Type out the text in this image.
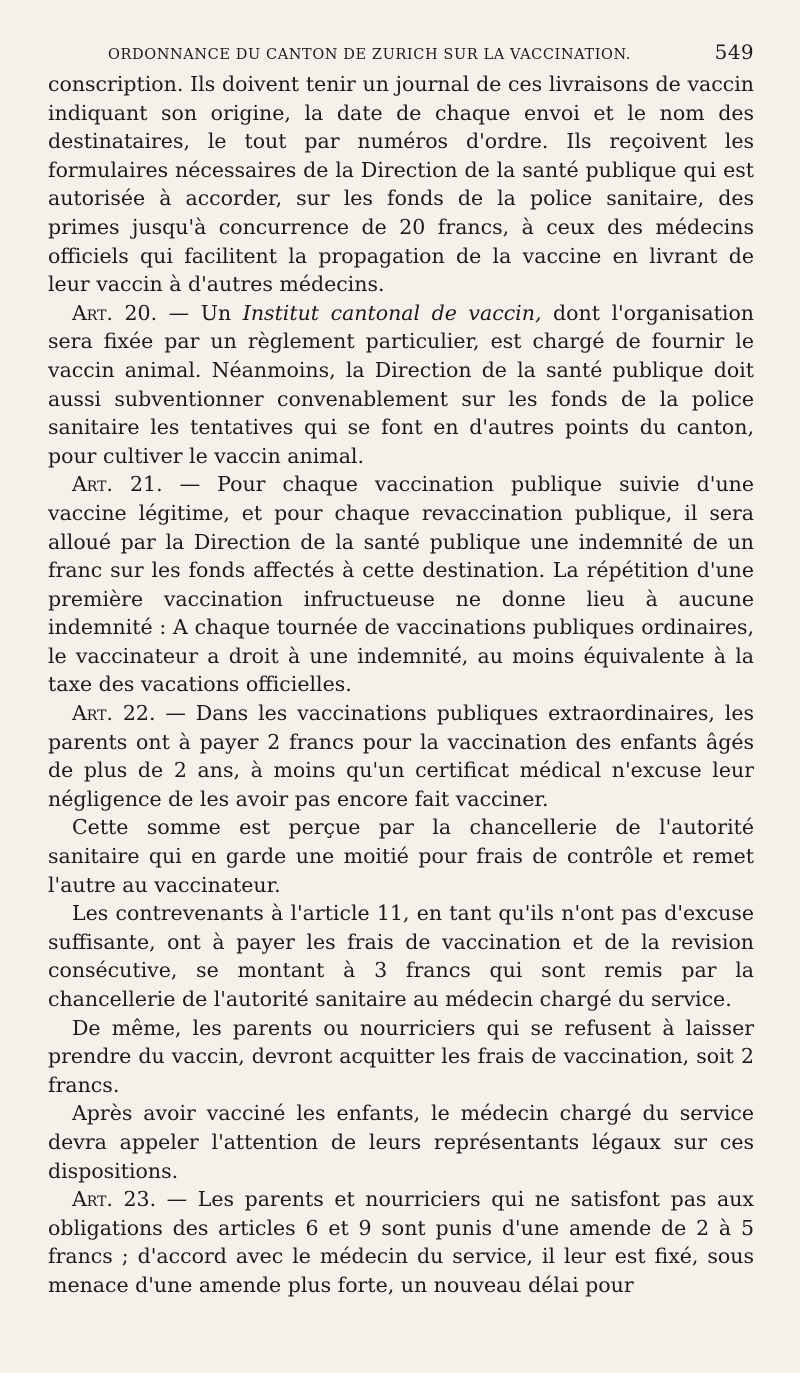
ORDONNANCE DU CANTON DE ZURICH SUR LA VACCINATION.	549

conscription. Ils doivent tenir un journal de ces livraisons de vaccin indiquant son origine, la date de chaque envoi et le nom des destinataires, le tout par numéros d'ordre. Ils reçoivent les formulaires nécessaires de la Direction de la santé publique qui est autorisée à accorder, sur les fonds de la police sanitaire, des primes jusqu'à concurrence de 20 francs, à ceux des médecins officiels qui facilitent la propagation de la vaccine en livrant de leur vaccin à d'autres médecins.

Art. 20. — Un Institut cantonal de vaccin, dont l'organisation sera fixée par un règlement particulier, est chargé de fournir le vaccin animal. Néanmoins, la Direction de la santé publique doit aussi subventionner convenablement sur les fonds de la police sanitaire les tentatives qui se font en d'autres points du canton, pour cultiver le vaccin animal.

Art. 21. — Pour chaque vaccination publique suivie d'une vaccine légitime, et pour chaque revaccination publique, il sera alloué par la Direction de la santé publique une indemnité de un franc sur les fonds affectés à cette destination. La répétition d'une première vaccination infructueuse ne donne lieu à aucune indemnité : A chaque tournée de vaccinations publiques ordinaires, le vaccinateur a droit à une indemnité, au moins équivalente à la taxe des vacations officielles.

Art. 22. — Dans les vaccinations publiques extraordinaires, les parents ont à payer 2 francs pour la vaccination des enfants âgés de plus de 2 ans, à moins qu'un certificat médical n'excuse leur négligence de les avoir pas encore fait vacciner.

Cette somme est perçue par la chancellerie de l'autorité sanitaire qui en garde une moitié pour frais de contrôle et remet l'autre au vaccinateur.

Les contrevenants à l'article 11, en tant qu'ils n'ont pas d'excuse suffisante, ont à payer les frais de vaccination et de la revision consécutive, se montant à 3 francs qui sont remis par la chancellerie de l'autorité sanitaire au médecin chargé du service.

De même, les parents ou nourriciers qui se refusent à laisser prendre du vaccin, devront acquitter les frais de vaccination, soit 2 francs.

Après avoir vacciné les enfants, le médecin chargé du service devra appeler l'attention de leurs représentants légaux sur ces dispositions.

Art. 23. — Les parents et nourriciers qui ne satisfont pas aux obligations des articles 6 et 9 sont punis d'une amende de 2 à 5 francs ; d'accord avec le médecin du service, il leur est fixé, sous menace d'une amende plus forte, un nouveau délai pour
